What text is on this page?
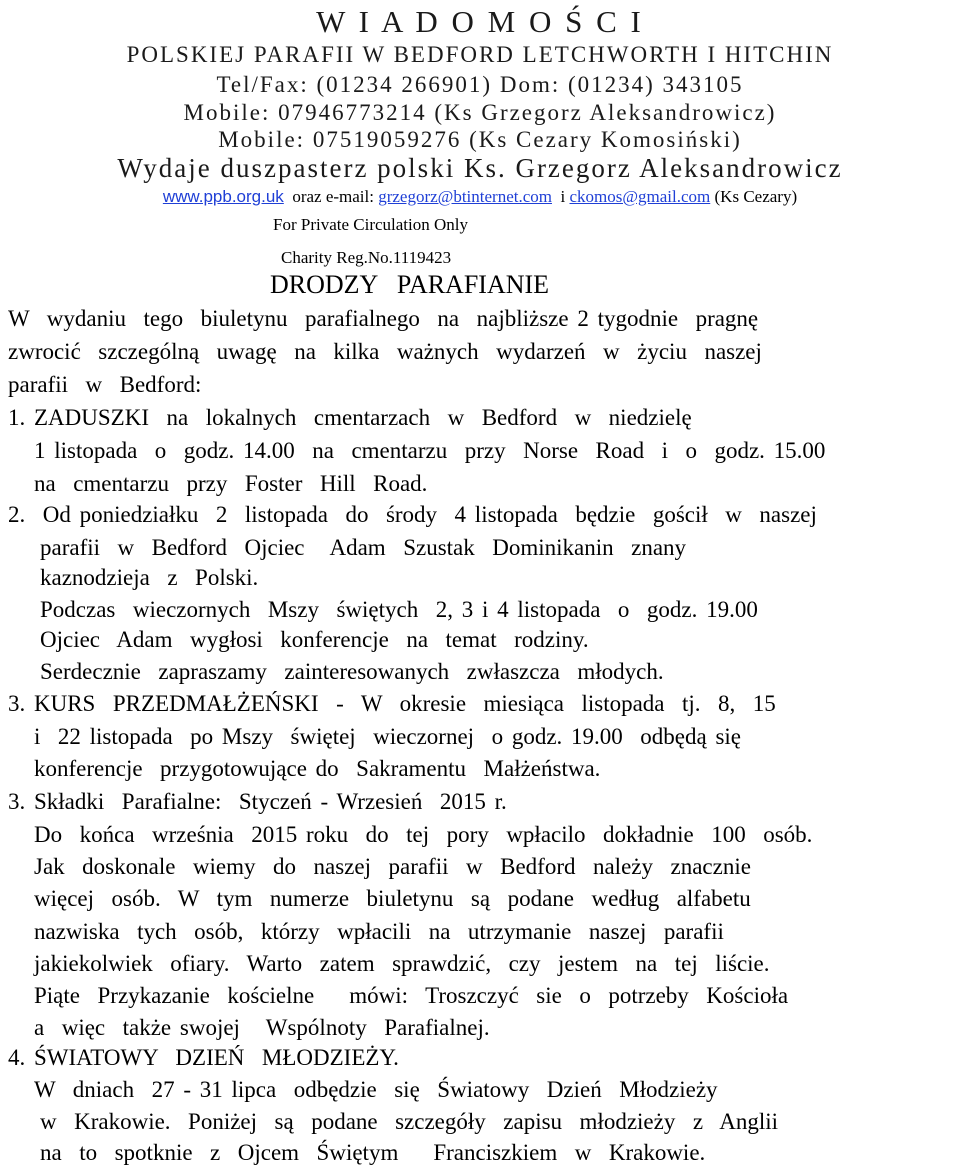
W I A D O M O Ś C I
POLSKIEJ PARAFII W BEDFORD LETCHWORTH I HITCHIN
Tel/Fax: (01234 266901) Dom: (01234) 343105
Mobile: 07946773214 (Ks Grzegorz Aleksandrowicz)
Mobile: 07519059276 (Ks Cezary Komosiński)
Wydaje duszpasterz polski Ks. Grzegorz Aleksandrowicz
www.ppb.org.uk oraz e-mail: grzegorz@btinternet.com i ckomos@gmail.com (Ks Cezary)
For Private Circulation Only
Charity Reg.No.1119423
DRODZY   PARAFIANIE
W  wydaniu  tego  biuletynu  parafialnego  na  najbliższe 2 tygodnie  pragnę
zwrocić  szczególną  uwagę  na  kilka  ważnych  wydarzeń  w  życiu  naszej
parafii  w  Bedford:
1. ZADUSZKI  na  lokalnych  cmentarzach  w  Bedford  w  niedzielę
1 listopada  o  godz. 14.00  na  cmentarzu  przy  Norse  Road  i  o  godz. 15.00
na  cmentarzu  przy  Foster  Hill  Road.
2.  Od poniedziałku  2  listopada  do  środy  4 listopada  będzie  gościł  w  naszej
parafii  w  Bedford  Ojciec   Adam  Szustak  Dominikanin  znany
kaznodzieja  z  Polski.
Podczas  wieczornych  Mszy  świętych  2, 3 i 4 listopada  o  godz. 19.00
Ojciec  Adam  wygłosi  konferencje  na  temat  rodziny.
Serdecznie  zapraszamy  zainteresowanych  zwłaszcza  młodych.
3. KURS  PRZEDMAŁŻEŃSKI  -  W  okresie  miesiąca  listopada  tj.  8,  15
i  22 listopada  po Mszy  świętej  wieczornej  o godz. 19.00  odbędą się
konferencje  przygotowujące do  Sakramentu  Małżeństwa.
3. Składki  Parafialne:  Styczeń - Wrzesień  2015 r.
Do  końca  września  2015 roku  do  tej  pory  wpłacilo  dokładnie  100  osób.
Jak  doskonale  wiemy  do  naszej  parafii  w  Bedford  należy  znacznie
więcej  osób.  W  tym  numerze  biuletynu  są  podane  według  alfabetu
nazwiska  tych  osób,  którzy  wpłacili  na  utrzymanie  naszej  parafii
jakiekolwiek  ofiary.  Warto  zatem  sprawdzić,  czy  jestem  na  tej  liście.
Piąte  Przykazanie  kościelne    mówi:  Troszczyć  sie  o  potrzeby  Kościoła
a  więc  także swojej   Wspólnoty  Parafialnej.
4. ŚWIATOWY  DZIEŃ  MŁODZIEŻY.
W  dniach  27 - 31 lipca  odbędzie  się  Światowy  Dzień  Młodzieży
w  Krakowie.  Poniżej  są  podane  szczegóły  zapisu  młodzieży  z  Anglii
na  to  spotknie  z  Ojcem  Świętym    Franciszkiem  w  Krakowie.
